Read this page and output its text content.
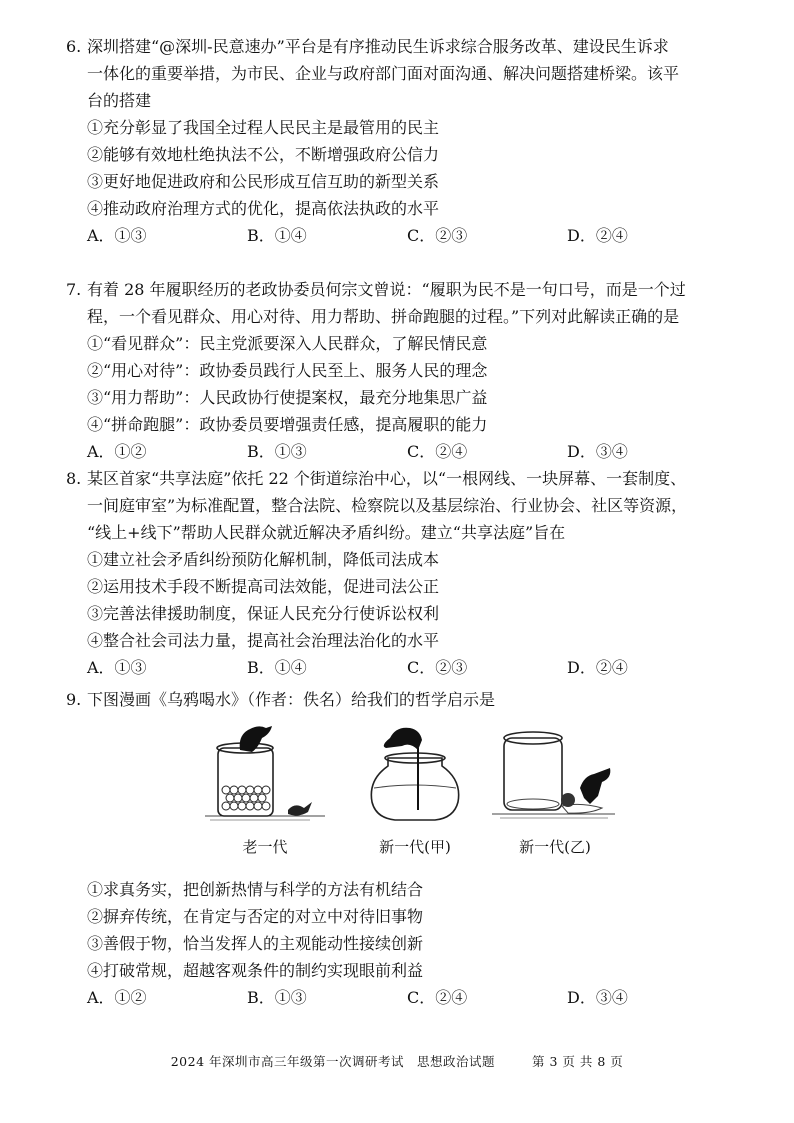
6. 深圳搭建“@深圳-民意速办”平台是有序推动民生诉求综合服务改革、建设民生诉求
一体化的重要举措，为市民、企业与政府部门面对面沟通、解决问题搭建桥梁。该平
台的搭建
①充分彰显了我国全过程人民民主是最管用的民主
②能够有效地杜绝执法不公，不断增强政府公信力
③更好地促进政府和公民形成互信互助的新型关系
④推动政府治理方式的优化，提高依法执政的水平
A．①③	B．①④	C．②③	D．②④
7. 有着 28 年履职经历的老政协委员何宗文曾说：“履职为民不是一句口号，而是一个过
程，一个看见群众、用心对待、用力帮助、拼命跑腿的过程。”下列对此解读正确的是
①“看见群众”：民主党派要深入人民群众，了解民情民意
②“用心对待”：政协委员践行人民至上、服务人民的理念
③“用力帮助”：人民政协行使提案权，最充分地集思广益
④“拼命跑腿”：政协委员要增强责任感，提高履职的能力
A．①②	B．①③	C．②④	D．③④
8. 某区首家“共享法庭”依托 22 个街道综治中心，以“一根网线、一块屏幕、一套制度、
一间庭审室”为标准配置，整合法院、检察院以及基层综治、行业协会、社区等资源，
“线上+线下”帮助人民群众就近解决矛盾纠纷。建立“共享法庭”旨在
①建立社会矛盾纠纷预防化解机制，降低司法成本
②运用技术手段不断提高司法效能，促进司法公正
③完善法律援助制度，保证人民充分行使诉讼权利
④整合社会司法力量，提高社会治理法治化的水平
A．①③	B．①④	C．②③	D．②④
9. 下图漫画《乌鸦喝水》（作者：佚名）给我们的哲学启示是
老一代	新一代(甲)	新一代(乙)
①求真务实，把创新热情与科学的方法有机结合
②摒弃传统，在肯定与否定的对立中对待旧事物
③善假于物，恰当发挥人的主观能动性接续创新
④打破常规，超越客观条件的制约实现眼前利益
A．①②	B．①③	C．②④	D．③④
2024 年深圳市高三年级第一次调研考试　思想政治试题	第 3 页 共 8 页
